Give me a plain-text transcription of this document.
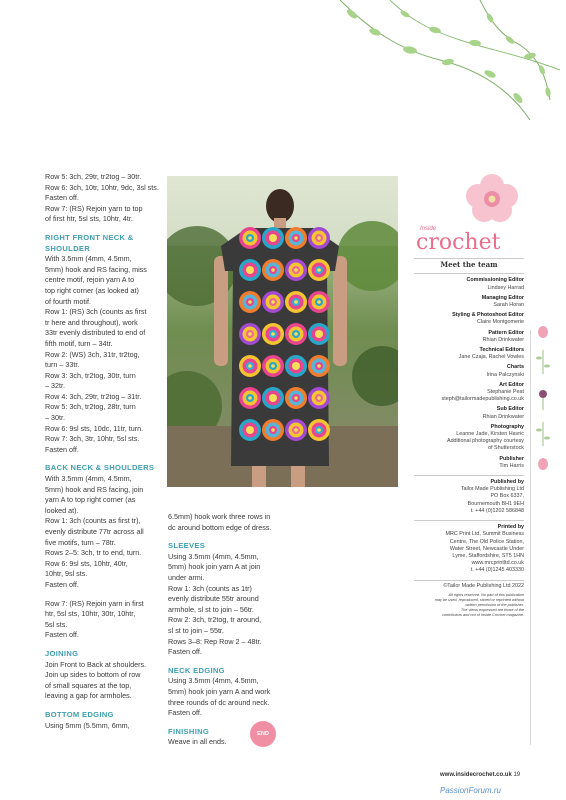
Row 5: 3ch, 29tr, tr2tog – 30tr.
Row 6: 3ch, 10tr, 10htr, 9dc, 3sl sts.
Fasten off.
Row 7: (RS) Rejoin yarn to top
of first htr, 5sl sts, 10htr, 4tr.

RIGHT FRONT NECK &
SHOULDER

With 3.5mm (4mm, 4.5mm,
5mm) hook and RS facing, miss
centre motif, rejoin yarn A to
top right corner (as looked at)
of fourth motif.
Row 1: (RS) 3ch (counts as first
tr here and throughout), work
33tr evenly distributed to end of
fifth motif, turn – 34tr.
Row 2: (WS) 3ch, 31tr, tr2tog,
turn – 33tr.
Row 3: 3ch, tr2tog, 30tr, turn
– 32tr.
Row 4: 3ch, 29tr, tr2tog – 31tr.
Row 5: 3ch, tr2tog, 28tr, turn
– 30tr.
Row 6: 9sl sts, 10dc, 11tr, turn.
Row 7: 3ch, 3tr, 10htr, 5sl sts.
Fasten off.

BACK NECK & SHOULDERS

With 3.5mm (4mm, 4.5mm,
5mm) hook and RS facing, join
yarn A to top right corner (as
looked at).
Row 1: 3ch (counts as first tr),
evenly distribute 77tr across all
five motifs, turn – 78tr.
Rows 2–5: 3ch, tr to end, turn.
Row 6: 9sl sts, 10htr, 40tr,
10htr, 9sl sts.
Fasten off.

Row 7: (RS) Rejoin yarn in first
htr, 5sl sts, 10htr, 30tr, 10htr,
5sl sts.
Fasten off.

JOINING

Join Front to Back at shoulders.
Join up sides to bottom of row
of small squares at the top,
leaving a gap for armholes.

BOTTOM EDGING

Using 5mm (5.5mm, 6mm,

END

6.5mm) hook work three rows in
dc around bottom edge of dress.

SLEEVES

Using 3.5mm (4mm, 4.5mm,
5mm) hook join yarn A at join
under armi.
Row 1: 3ch (counts as 1tr)
evenly distribute 55tr around
armhole, sl st to join – 56tr.
Row 2: 3ch, tr2tog, tr around,
sl st to join – 55tr.
Rows 3–8: Rep Row 2 – 48tr.
Fasten off.

NECK EDGING

Using 3.5mm (4mm, 4.5mm,
5mm) hook join yarn A and work
three rounds of dc around neck.
Fasten off.

FINISHING

Weave in all ends.

Inside
crochet
Meet the team
Commissioning Editor
Lindsey Harrad
Managing Editor
Sarah Horan
Styling & Photoshoot Editor
Claire Montgomerie
Pattern Editor
Rhian Drinkwater
Technical Editors
Jane Czaja, Rachel Vowles
Charts
Irina Palczynski
Art Editor
Stephanie Peat
steph@tailormadepublishing.co.uk
Sub Editor
Rhian Drinkwater
Photography
Leanne Jade, Kirsten Havric
Additional photography courtesy
of Shutterstock
Publisher
Tim Harris
Published by
Tailor Made Publishing Ltd
PO Box 6337,
Bournemouth BH1 9EH
t. +44 (0)1202 586848
Printed by
MRC Print Ltd, Summit Business
Centre, The Old Police Station,
Water Street, Newcastle Under
Lyme, Staffordshire, ST5 1HN
www.mrcprintltd.co.uk
t. +44 (0)1245 403330
©Tailor Made Publishing Ltd 2022
All rights reserved. No part of this publication
may be used, reproduced, stored or reprinted without
written permission of the publisher.
The views expressed are those of the
contributors and not of Inside Crochet magazine.
www.insidecrochet.co.uk 19
PassionForum.ru
